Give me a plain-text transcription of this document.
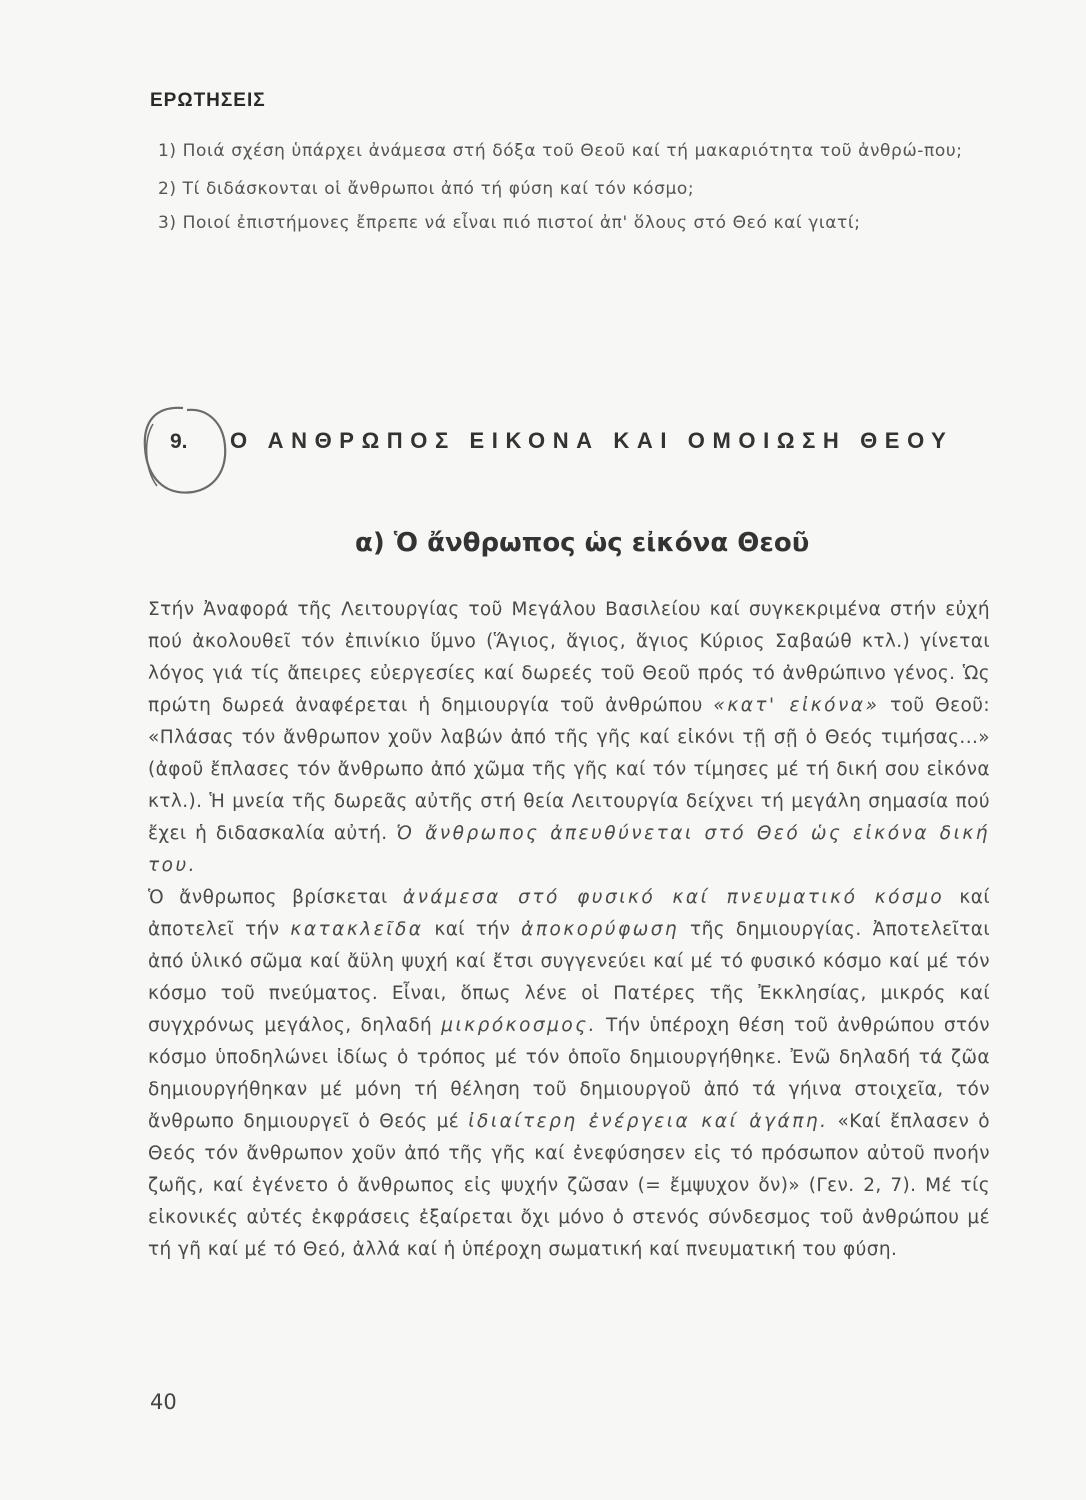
ΕΡΩΤΗΣΕΙΣ
1) Ποιά σχέση ὑπάρχει ἀνάμεσα στή δόξα τοῦ Θεοῦ καί τή μακαριότητα τοῦ ἀνθρώ-που;
2) Τί διδάσκονται οἱ ἄνθρωποι ἀπό τή φύση καί τόν κόσμο;
3) Ποιοί ἐπιστήμονες ἔπρεπε νά εἶναι πιό πιστοί ἀπ' ὅλους στό Θεό καί γιατί;
9. Ο ΑΝΘΡΩΠΟΣ ΕΙΚΟΝΑ ΚΑΙ ΟΜΟΙΩΣΗ ΘΕΟΥ
α) Ὁ ἄνθρωπος ὡς εἰκόνα Θεοῦ

Στήν Ἀναφορά τῆς Λειτουργίας τοῦ Μεγάλου Βασιλείου καί συγκεκριμένα στήν εὐχή πού ἀκολουθεῖ τόν ἐπινίκιο ὕμνο (Ἅγιος, ἅγιος, ἅγιος Κύριος Σαβαώθ κτλ.) γίνεται λόγος γιά τίς ἄπειρες εὐεργεσίες καί δωρεές τοῦ Θεοῦ πρός τό ἀνθρώπινο γένος. Ὡς πρώτη δωρεά ἀναφέρεται ἡ δημιουργία τοῦ ἀνθρώπου «κατ' εἰκόνα» τοῦ Θεοῦ: «Πλάσας τόν ἄνθρωπον χοῦν λαβών ἀπό τῆς γῆς καί εἰκόνι τῇ σῇ ὁ Θεός τιμήσας...» (ἀφοῦ ἔπλασες τόν ἄνθρωπο ἀπό χῶμα τῆς γῆς καί τόν τίμησες μέ τή δική σου εἰκόνα κτλ.). Ἡ μνεία τῆς δωρεᾶς αὐτῆς στή θεία Λειτουργία δείχνει τή μεγάλη σημασία πού ἔχει ἡ διδασκαλία αὐτή. Ὁ ἄνθρωπος ἀπευθύνεται στό Θεό ὡς εἰκόνα δική του.

Ὁ ἄνθρωπος βρίσκεται ἀνάμεσα στό φυσικό καί πνευματικό κόσμο καί ἀποτελεῖ τήν κατακλεῖδα καί τήν ἀποκορύφωση τῆς δημιουργίας. Ἀποτελεῖται ἀπό ὑλικό σῶμα καί ἄϋλη ψυχή καί ἔτσι συγγενεύει καί μέ τό φυσικό κόσμο καί μέ τόν κόσμο τοῦ πνεύματος. Εἶναι, ὅπως λένε οἱ Πατέρες τῆς Ἐκκλησίας, μικρός καί συγχρόνως μεγάλος, δηλαδή μικρόκοσμος. Τήν ὑπέροχη θέση τοῦ ἀνθρώπου στόν κόσμο ὑποδηλώνει ἰδίως ὁ τρόπος μέ τόν ὁποῖο δημιουργήθηκε. Ἐνῶ δηλαδή τά ζῶα δημιουργήθηκαν μέ μόνη τή θέληση τοῦ δημιουργοῦ ἀπό τά γήινα στοιχεῖα, τόν ἄνθρωπο δημιουργεῖ ὁ Θεός μέ ἰδιαίτερη ἐνέργεια καί ἀγάπη. «Καί ἔπλασεν ὁ Θεός τόν ἄνθρωπον χοῦν ἀπό τῆς γῆς καί ἐνεφύσησεν εἰς τό πρόσωπον αὐτοῦ πνοήν ζωῆς, καί ἐγένετο ὁ ἄνθρωπος εἰς ψυχήν ζῶσαν (= ἔμψυχον ὄν)» (Γεν. 2, 7). Μέ τίς εἰκονικές αὐτές ἐκφράσεις ἐξαίρεται ὄχι μόνο ὁ στενός σύνδεσμος τοῦ ἀνθρώπου μέ τή γῆ καί μέ τό Θεό, ἀλλά καί ἡ ὑπέροχη σωματική καί πνευματική του φύση.

40
